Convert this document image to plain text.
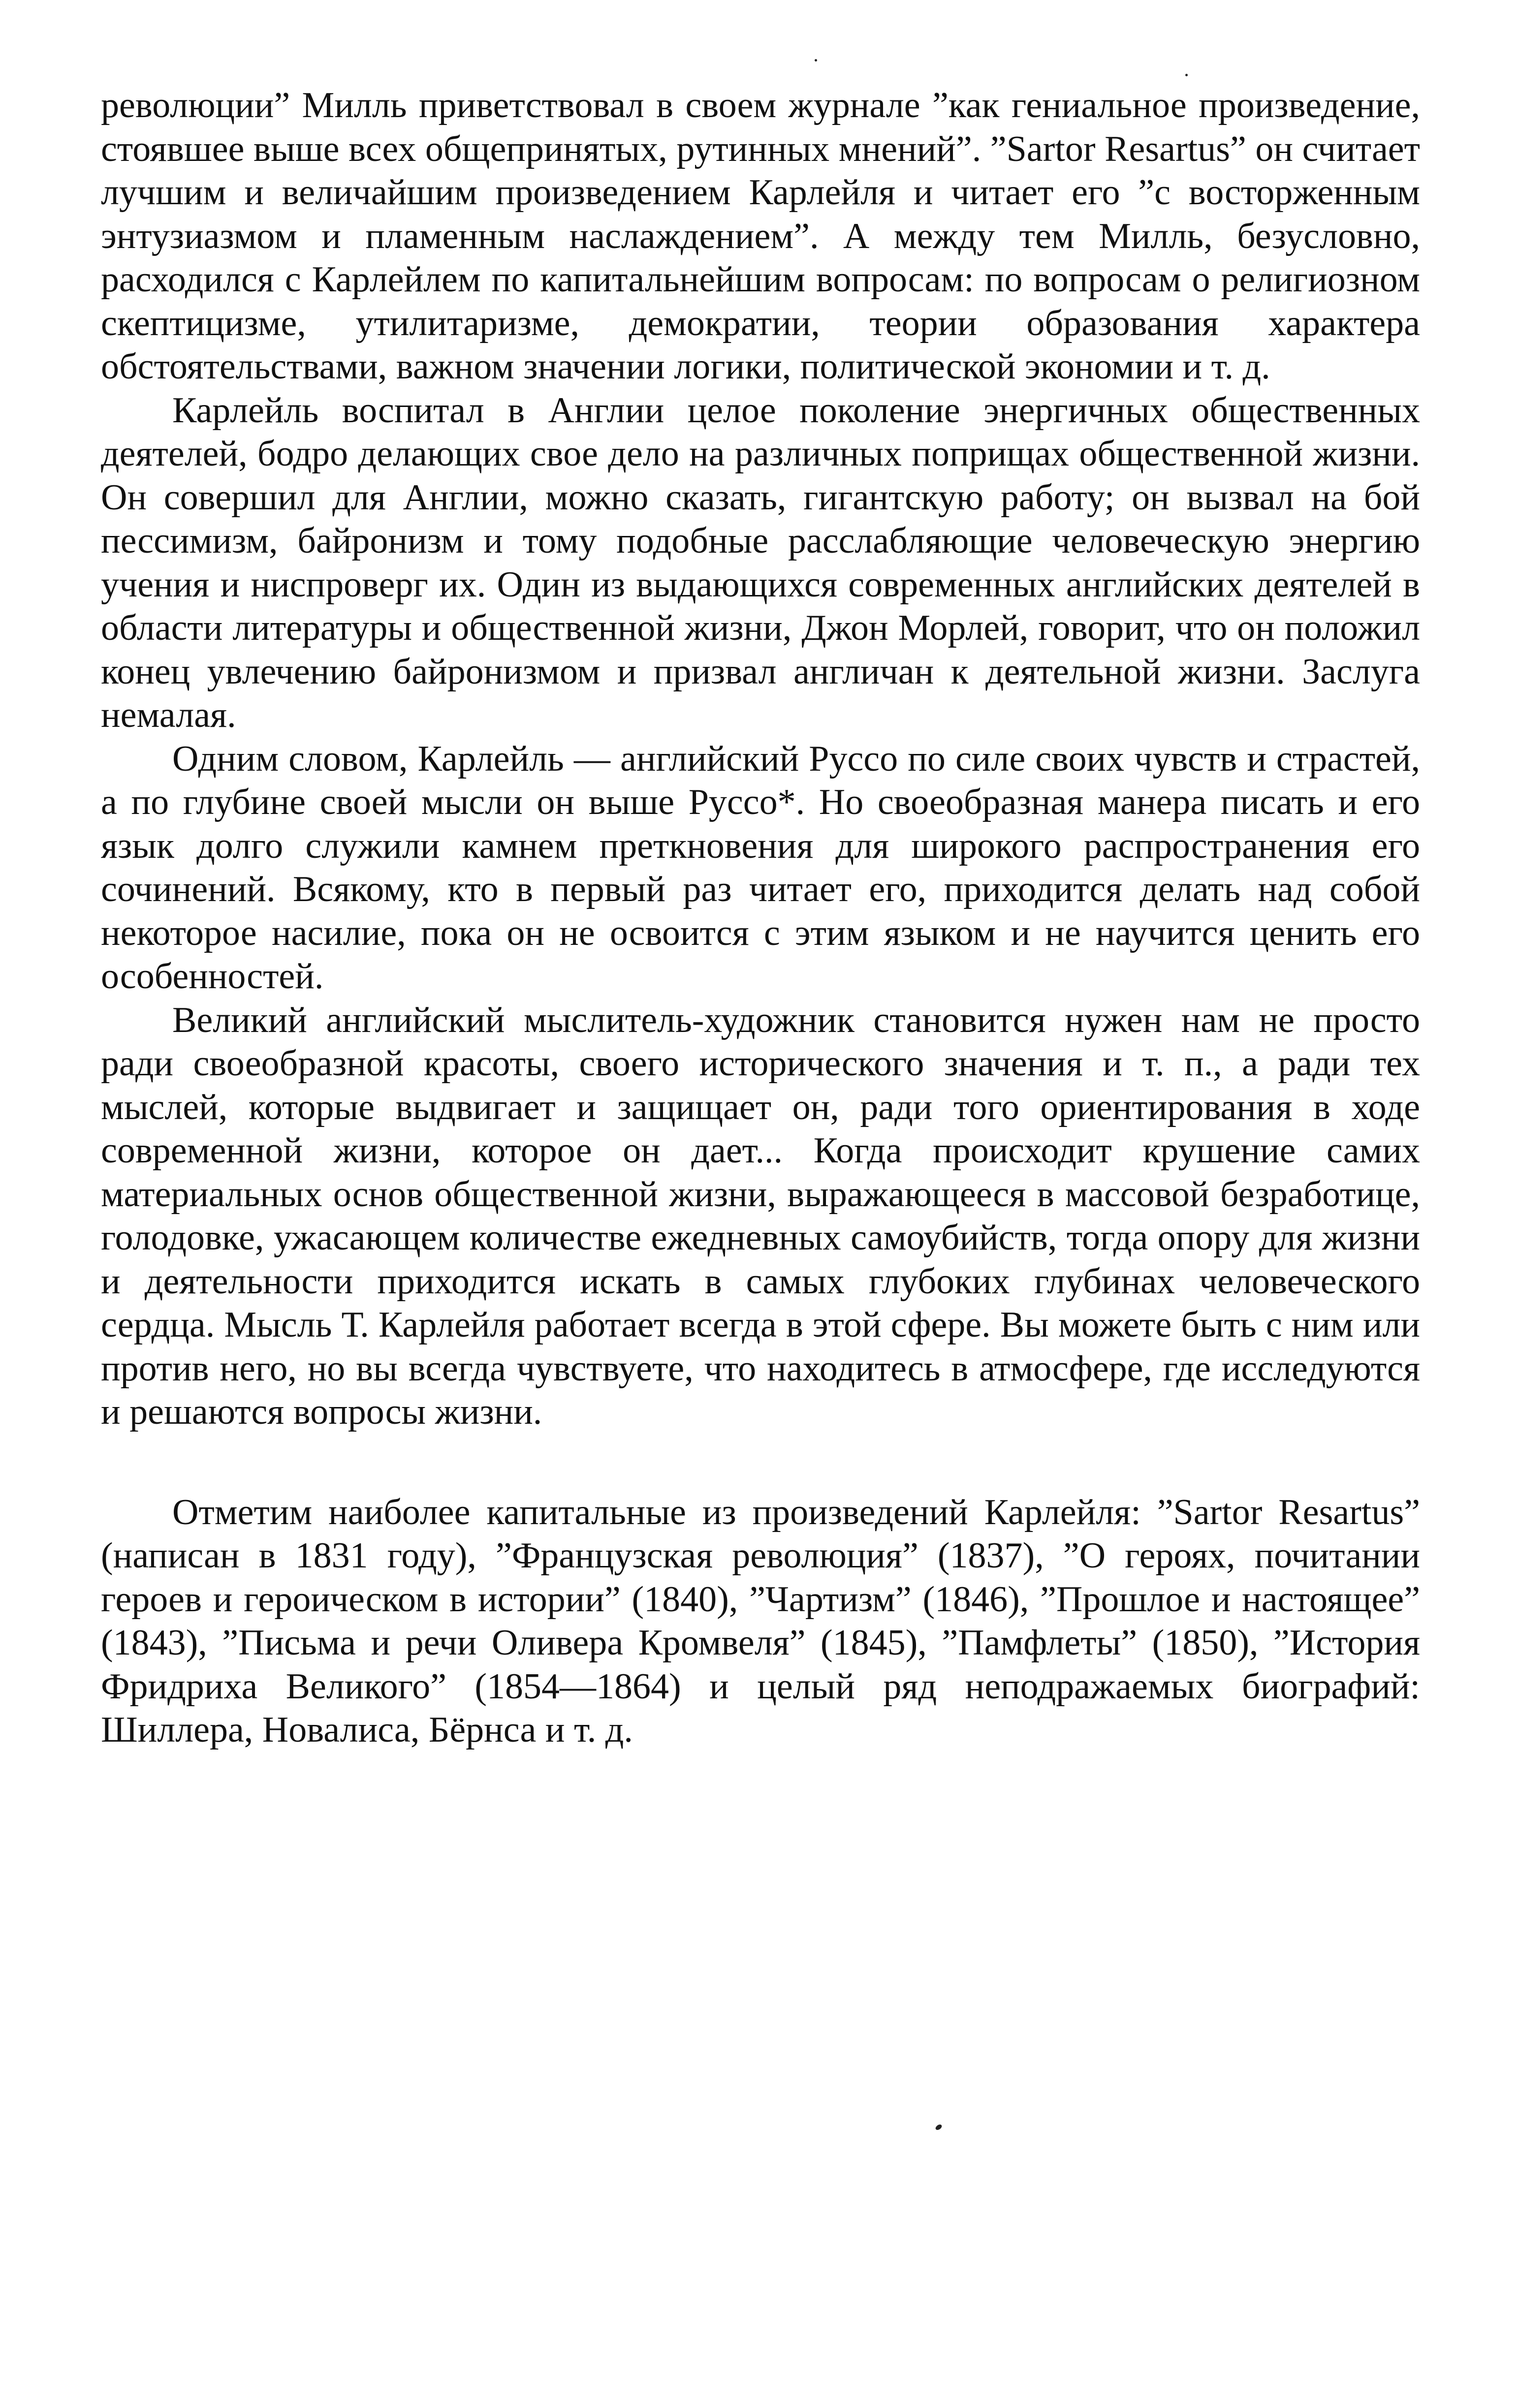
революции” Милль приветствовал в своем журнале ”как гениальное произведение, стоявшее выше всех общепринятых, рутинных мнений”. ”Sartor Resartus” он считает лучшим и величайшим произведением Карлейля и читает его ”с восторженным энтузиазмом и пламенным наслаждением”. А между тем Милль, безусловно, расходился с Карлейлем по капитальнейшим вопросам: по вопросам о религиозном скептицизме, утилитаризме, демократии, теории образования характера обстоятельствами, важном значении логики, политической экономии и т. д.

Карлейль воспитал в Англии целое поколение энергичных общественных деятелей, бодро делающих свое дело на различных поприщах общественной жизни. Он совершил для Англии, можно сказать, гигантскую работу; он вызвал на бой пессимизм, байронизм и тому подобные расслабляющие человеческую энергию учения и ниспроверг их. Один из выдающихся современных английских деятелей в области литературы и общественной жизни, Джон Морлей, говорит, что он положил конец увлечению байронизмом и призвал англичан к деятельной жизни. Заслуга немалая.

Одним словом, Карлейль — английский Руссо по силе своих чувств и страстей, а по глубине своей мысли он выше Руссо*. Но своеобразная манера писать и его язык долго служили камнем преткновения для широкого распространения его сочинений. Всякому, кто в первый раз читает его, приходится делать над собой некоторое насилие, пока он не освоится с этим языком и не научится ценить его особенностей.

Великий английский мыслитель-художник становится нужен нам не просто ради своеобразной красоты, своего исторического значения и т. п., а ради тех мыслей, которые выдвигает и защищает он, ради того ориентирования в ходе современной жизни, которое он дает... Когда происходит крушение самих материальных основ общественной жизни, выражающееся в массовой безработице, голодовке, ужасающем количестве ежедневных самоубийств, тогда опору для жизни и деятельности приходится искать в самых глубоких глубинах человеческого сердца. Мысль Т. Карлейля работает всегда в этой сфере. Вы можете быть с ним или против него, но вы всегда чувствуете, что находитесь в атмосфере, где исследуются и решаются вопросы жизни.

Отметим наиболее капитальные из произведений Карлейля: ”Sartor Resartus” (написан в 1831 году), ”Французская революция” (1837), ”О героях, почитании героев и героическом в истории” (1840), ”Чартизм” (1846), ”Прошлое и настоящее” (1843), ”Письма и речи Оливера Кромвеля” (1845), ”Памфлеты” (1850), ”История Фридриха Великого” (1854—1864) и целый ряд неподражаемых биографий: Шиллера, Новалиса, Бёрнса и т. д.
